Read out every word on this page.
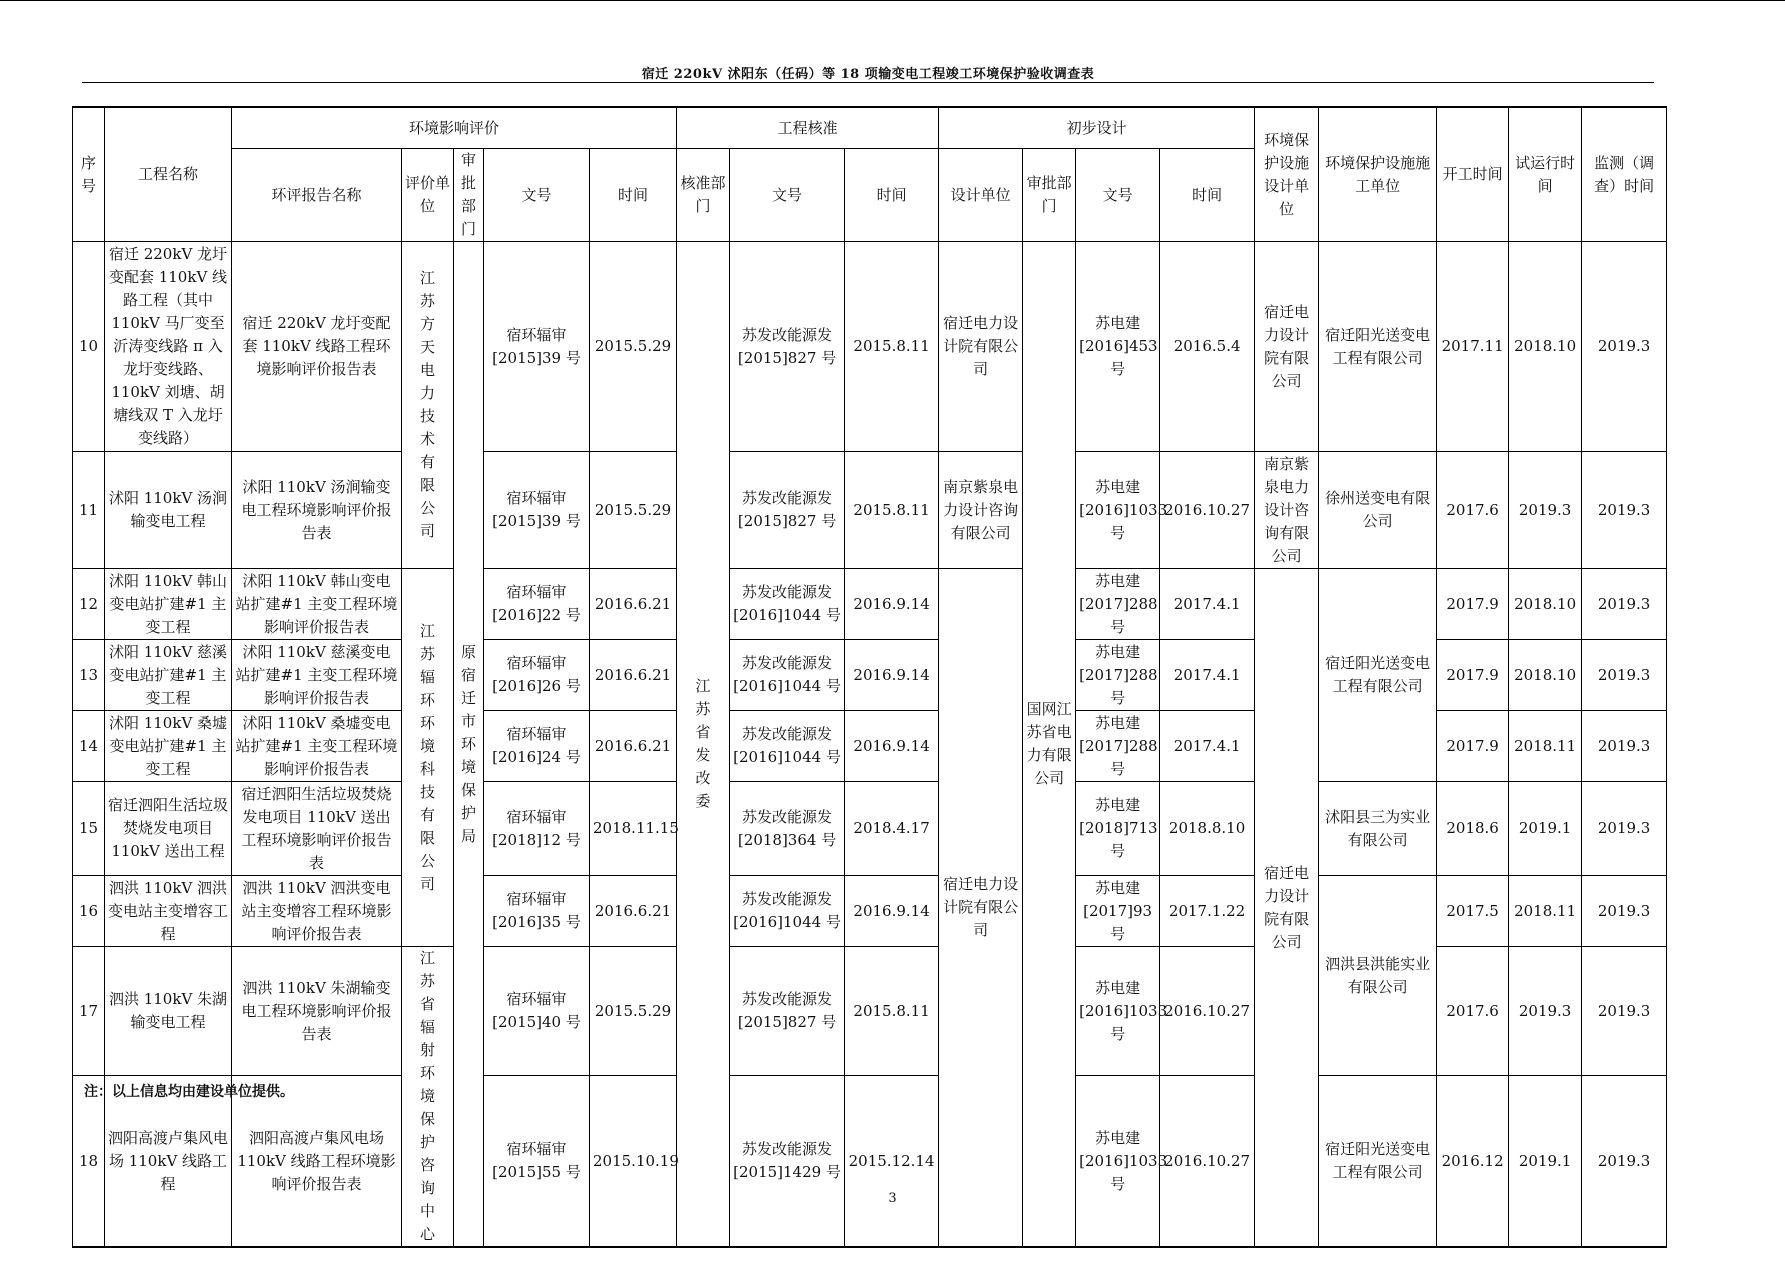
宿迁 220kV 沭阳东（任码）等 18 项输变电工程竣工环境保护验收调查表
序号	工程名称	环境影响评价					工程核准			初步设计				环境保护设施设计单位	环境保护设施施工单位	开工时间	试运行时间	监测（调查）时间
		环评报告名称	评价单位	审批部门	文号	时间	核准部门	文号	时间	设计单位	审批部门	文号	时间					
10	宿迁 220kV 龙圩变配套 110kV 线路工程（其中 110kV 马厂变至沂涛变线路 π 入龙圩变线路、110kV 刘塘、胡塘线双 T 入龙圩变线路）	宿迁 220kV 龙圩变配套 110kV 线路工程环境影响评价报告表	江苏方天电力技术有限公司	原宿迁市环境保护局	宿环辐审[2015]39 号	2015.5.29	江苏省发改委	苏发改能源发[2015]827 号	2015.8.11	宿迁电力设计院有限公司	国网江苏省电力有限公司	苏电建[2016]453 号	2016.5.4	宿迁电力设计院有限公司	宿迁阳光送变电工程有限公司	2017.11	2018.10	2019.3
11	沭阳 110kV 汤涧输变电工程	沭阳 110kV 汤涧输变电工程环境影响评价报告表			宿环辐审[2015]39 号	2015.5.29		苏发改能源发[2015]827 号	2015.8.11	南京紫泉电力设计咨询有限公司		苏电建[2016]1033 号	2016.10.27	南京紫泉电力设计咨询有限公司	徐州送变电有限公司	2017.6	2019.3	2019.3
12	沭阳 110kV 韩山变电站扩建#1 主变工程	沭阳 110kV 韩山变电站扩建#1 主变工程环境影响评价报告表	江苏辐环环境科技有限公司		宿环辐审[2016]22 号	2016.6.21		苏发改能源发[2016]1044 号	2016.9.14	宿迁电力设计院有限公司		苏电建[2017]288 号	2017.4.1	宿迁电力设计院有限公司	宿迁阳光送变电工程有限公司	2017.9	2018.10	2019.3
13	沭阳 110kV 慈溪变电站扩建#1 主变工程	沭阳 110kV 慈溪变电站扩建#1 主变工程环境影响评价报告表			宿环辐审[2016]26 号	2016.6.21		苏发改能源发[2016]1044 号	2016.9.14			苏电建[2017]288 号	2017.4.1			2017.9	2018.10	2019.3
14	沭阳 110kV 桑墟变电站扩建#1 主变工程	沭阳 110kV 桑墟变电站扩建#1 主变工程环境影响评价报告表			宿环辐审[2016]24 号	2016.6.21		苏发改能源发[2016]1044 号	2016.9.14			苏电建[2017]288 号	2017.4.1			2017.9	2018.11	2019.3
15	宿迁泗阳生活垃圾焚烧发电项目 110kV 送出工程	宿迁泗阳生活垃圾焚烧发电项目 110kV 送出工程环境影响评价报告表			宿环辐审[2018]12 号	2018.11.15		苏发改能源发[2018]364 号	2018.4.17			苏电建[2018]713 号	2018.8.10		沭阳县三为实业有限公司	2018.6	2019.1	2019.3
16	泗洪 110kV 泗洪变电站主变增容工程	泗洪 110kV 泗洪变电站主变增容工程环境影响评价报告表			宿环辐审[2016]35 号	2016.6.21		苏发改能源发[2016]1044 号	2016.9.14			苏电建[2017]93 号	2017.1.22		泗洪县洪能实业有限公司	2017.5	2018.11	2019.3
17	泗洪 110kV 朱湖输变电工程	泗洪 110kV 朱湖输变电工程环境影响评价报告表	江苏省辐射环境保护咨询中心		宿环辐审[2015]40 号	2015.5.29		苏发改能源发[2015]827 号	2015.8.11			苏电建[2016]1033 号	2016.10.27			2017.6	2019.3	2019.3
18	泗阳高渡卢集风电场 110kV 线路工程	泗阳高渡卢集风电场 110kV 线路工程环境影响评价报告表			宿环辐审[2015]55 号	2015.10.19		苏发改能源发[2015]1429 号	2015.12.14			苏电建[2016]1033 号	2016.10.27		宿迁阳光送变电工程有限公司	2016.12	2019.1	2019.3
注：以上信息均由建设单位提供。
3
